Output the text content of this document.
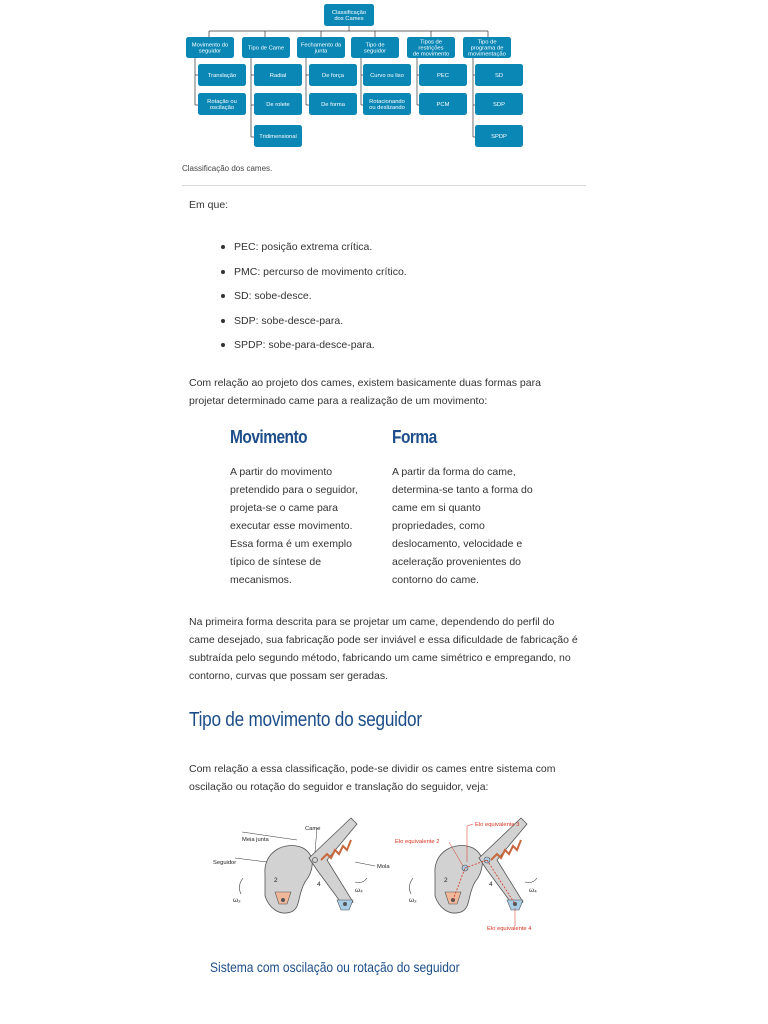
Classificação
dos Cames
Movimento do
seguidor
Translação
Rotação ou
oscilação
Tipo de Came
Radial
De rolete
Tridimensional
Fechamento da
junta
De força
De forma
Tipo de
seguidor
Curvo ou liso
Rotacionando
ou deslizando
Tipos de
restrições
de movimento
PEC
PCM
Tipo de
programa de
movimentação
SD
SDP
SPDP
Classificação dos cames.
Em que:
PEC: posição extrema crítica.
PMC: percurso de movimento crítico.
SD: sobe-desce.
SDP: sobe-desce-para.
SPDP: sobe-para-desce-para.
Com relação ao projeto dos cames, existem basicamente duas formas para projetar determinado came para a realização de um movimento:
Movimento
A partir do movimento pretendido para o seguidor, projeta-se o came para executar esse movimento. Essa forma é um exemplo típico de síntese de mecanismos.
Forma
A partir da forma do came, determina-se tanto a forma do came em si quanto propriedades, como deslocamento, velocidade e aceleração provenientes do contorno do came.
Na primeira forma descrita para se projetar um came, dependendo do perfil do came desejado, sua fabricação pode ser inviável e essa dificuldade de fabricação é subtraída pelo segundo método, fabricando um came simétrico e empregando, no contorno, curvas que possam ser geradas.
Tipo de movimento do seguidor
Com relação a essa classificação, pode-se dividir os cames entre sistema com oscilação ou rotação do seguidor e translação do seguidor, veja:
Came
Meia junta
Seguidor
Mola
2
4
ω₂
ω₄
Elo equivalente 3
Elo equivalente 2
Elo equivalente 4
2
4
ω₂
ω₄
Sistema com oscilação ou rotação do seguidor
